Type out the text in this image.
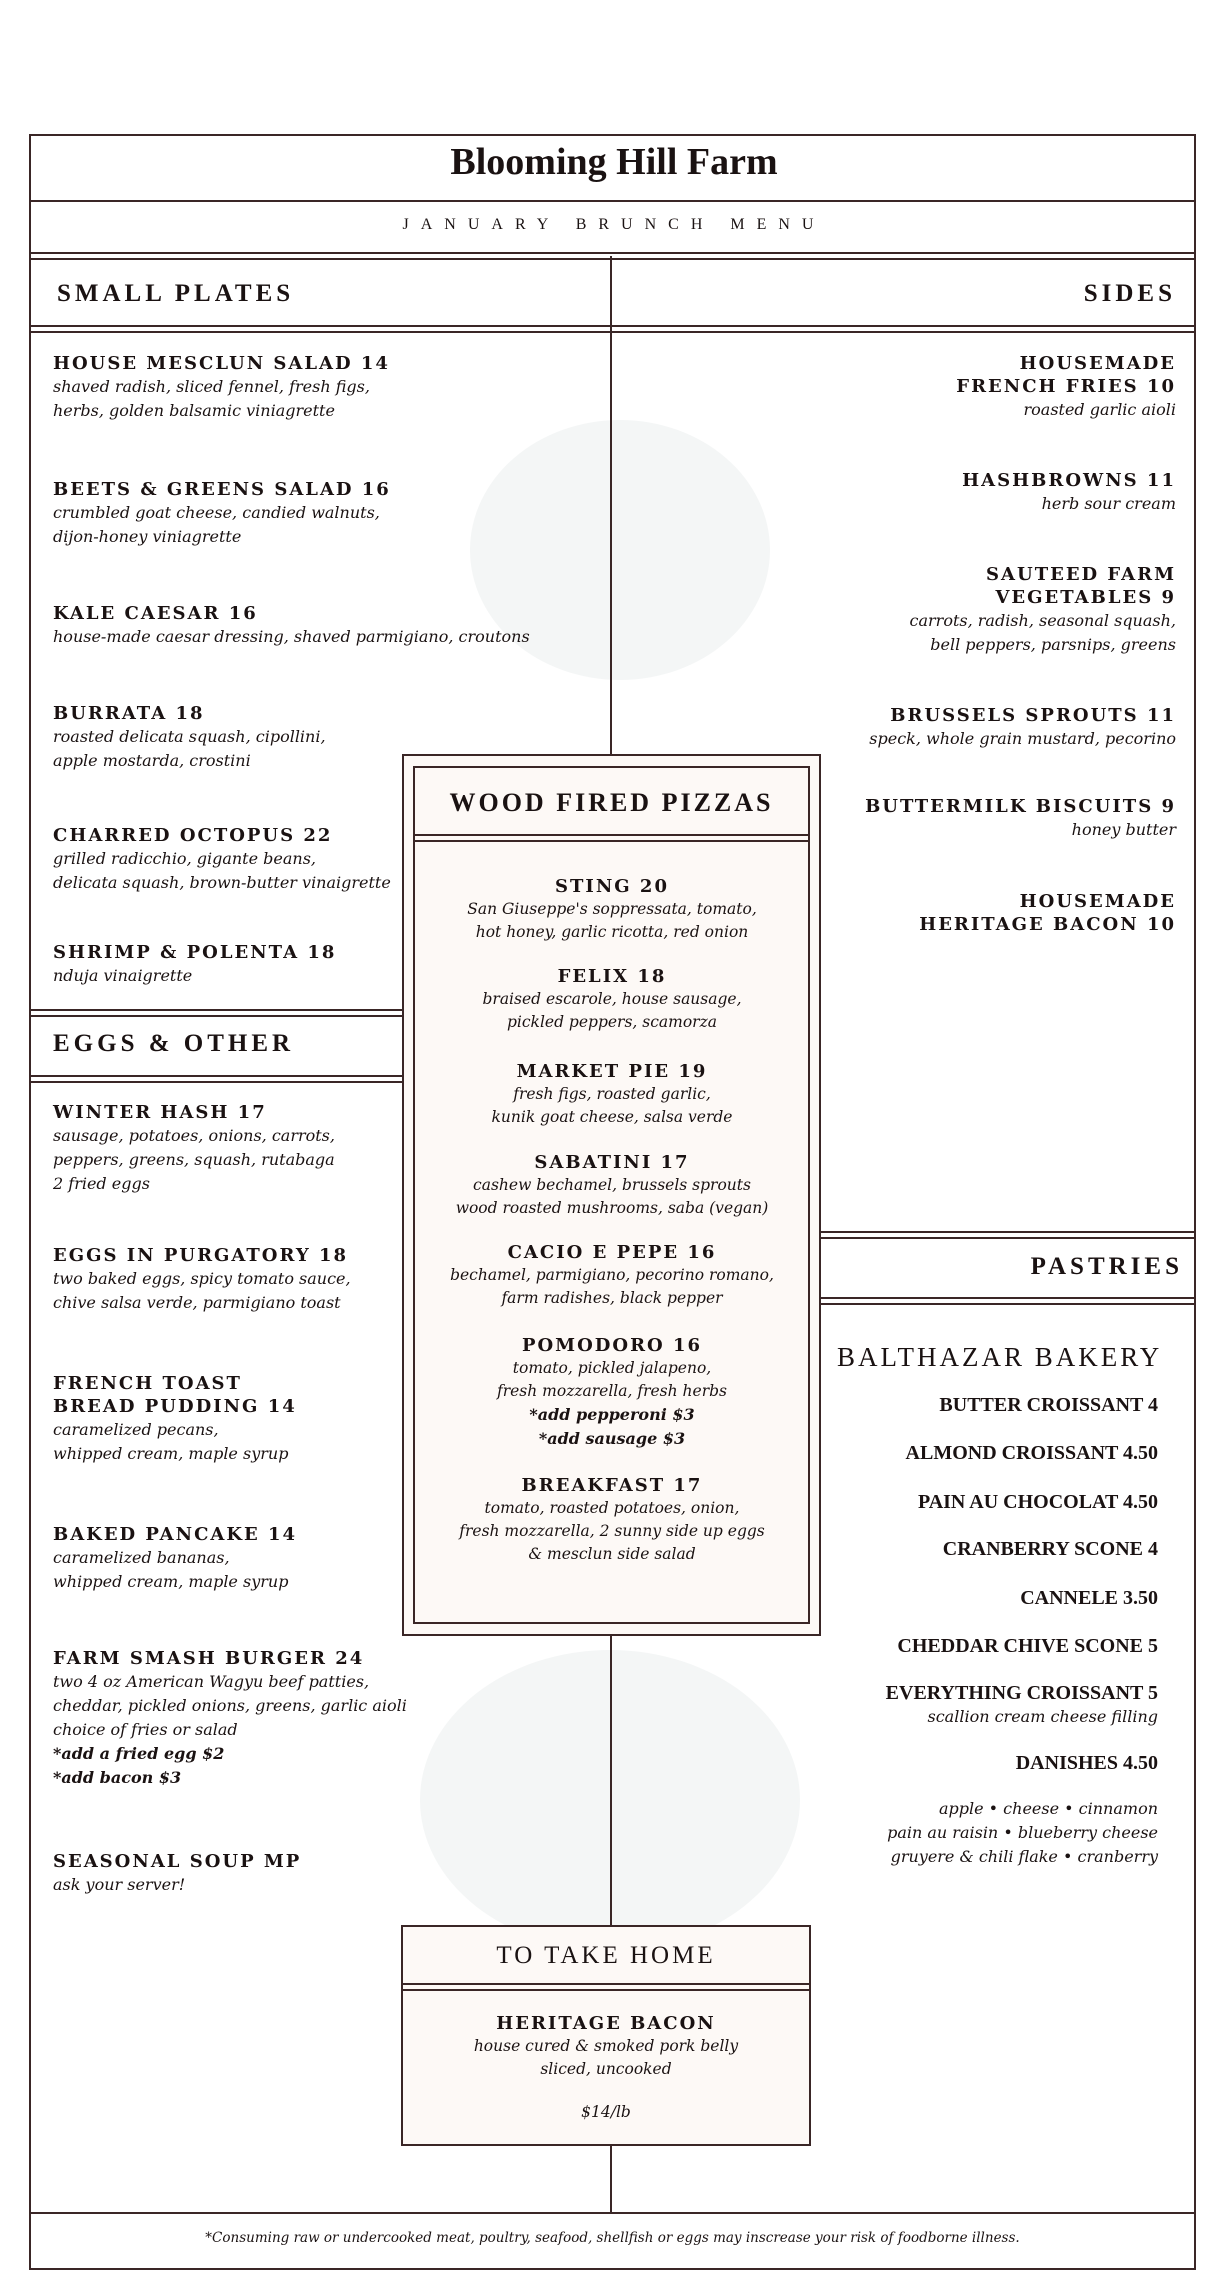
Blooming Hill Farm
JANUARY BRUNCH MENU
SMALL PLATES	SIDES
EGGS & OTHER
PASTRIES
BALTHAZAR BAKERY
WOOD FIRED PIZZAS
TO TAKE HOME
HERITAGE BACON
house cured & smoked pork belly
sliced, uncooked
$14/lb
*Consuming raw or undercooked meat, poultry, seafood, shellfish or eggs may inscrease your risk of foodborne illness.
HOUSE MESCLUN SALAD 14
shaved radish, sliced fennel, fresh figs,
herbs, golden balsamic viniagrette
BEETS & GREENS SALAD 16
crumbled goat cheese, candied walnuts,
dijon-honey viniagrette
KALE CAESAR 16
house-made caesar dressing, shaved parmigiano, croutons
BURRATA 18
roasted delicata squash, cipollini,
apple mostarda, crostini
CHARRED OCTOPUS 22
grilled radicchio, gigante beans,
delicata squash, brown-butter vinaigrette
SHRIMP & POLENTA 18
nduja vinaigrette
WINTER HASH 17
sausage, potatoes, onions, carrots,
peppers, greens, squash, rutabaga
2 fried eggs
EGGS IN PURGATORY 18
two baked eggs, spicy tomato sauce,
chive salsa verde, parmigiano toast
FRENCH TOAST
BREAD PUDDING 14
caramelized pecans,
whipped cream, maple syrup
BAKED PANCAKE 14
caramelized bananas,
whipped cream, maple syrup
FARM SMASH BURGER 24
two 4 oz American Wagyu beef patties,
cheddar, pickled onions, greens, garlic aioli
choice of fries or salad
*add a fried egg $2
*add bacon $3
SEASONAL SOUP MP
ask your server!
HOUSEMADE
FRENCH FRIES 10
roasted garlic aioli
HASHBROWNS 11
herb sour cream
SAUTEED FARM
VEGETABLES 9
carrots, radish, seasonal squash,
bell peppers, parsnips, greens
BRUSSELS SPROUTS 11
speck, whole grain mustard, pecorino
BUTTERMILK BISCUITS 9
honey butter
HOUSEMADE
HERITAGE BACON 10
STING 20
San Giuseppe's soppressata, tomato,
hot honey, garlic ricotta, red onion
FELIX 18
braised escarole, house sausage,
pickled peppers, scamorza
MARKET PIE 19
fresh figs, roasted garlic,
kunik goat cheese, salsa verde
SABATINI 17
cashew bechamel, brussels sprouts
wood roasted mushrooms, saba (vegan)
CACIO E PEPE 16
bechamel, parmigiano, pecorino romano,
farm radishes, black pepper
POMODORO 16
tomato, pickled jalapeno,
fresh mozzarella, fresh herbs
*add pepperoni $3
*add sausage $3
BREAKFAST 17
tomato, roasted potatoes, onion,
fresh mozzarella, 2 sunny side up eggs
& mesclun side salad
BUTTER CROISSANT 4
ALMOND CROISSANT 4.50
PAIN AU CHOCOLAT 4.50
CRANBERRY SCONE 4
CANNELE 3.50
CHEDDAR CHIVE SCONE 5
EVERYTHING CROISSANT 5
scallion cream cheese filling
DANISHES 4.50
apple • cheese • cinnamon
pain au raisin • blueberry cheese
gruyere & chili flake • cranberry
